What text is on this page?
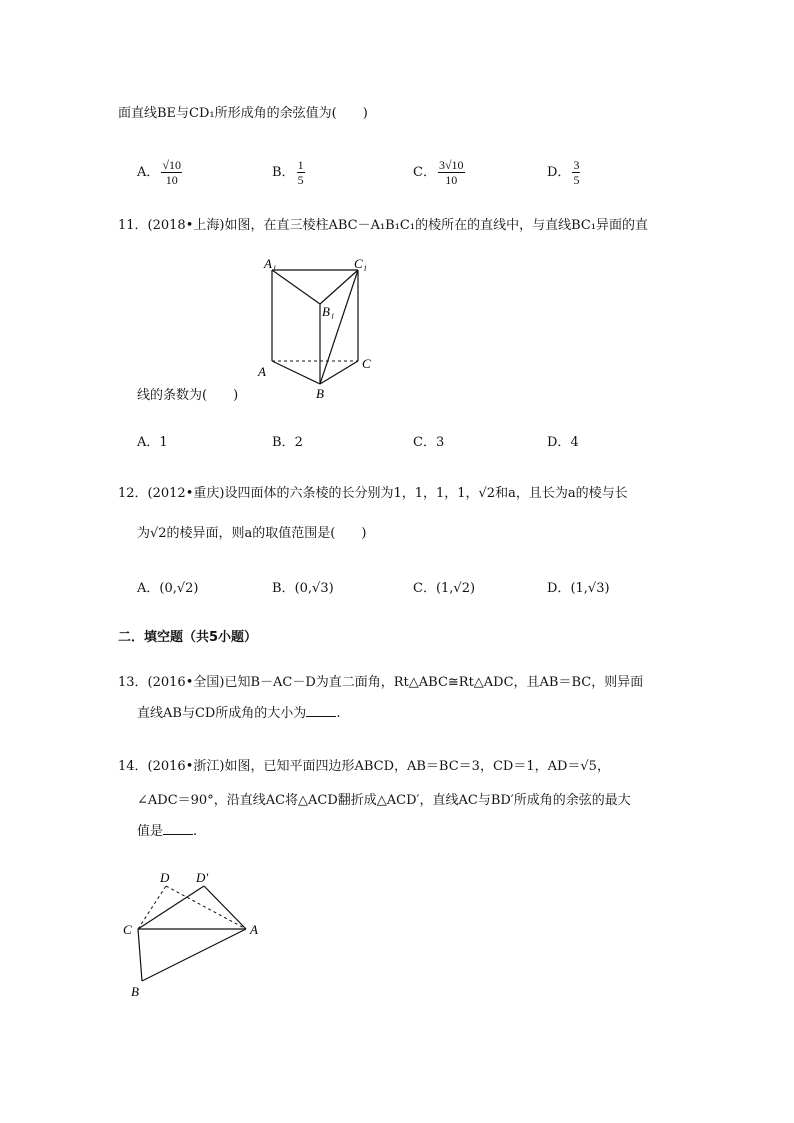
面直线BE与CD₁所形成角的余弦值为(　　)
A． $\frac{√10}{10}$	B． $\frac{1}{5}$	C． $\frac{3√10}{10}$	D． $\frac{3}{5}$
11．(2018•上海)如图，在直三棱柱ABC－A₁B₁C₁的棱所在的直线中，与直线BC₁异面的直
A₁	C₁
B₁
A
C
B
线的条数为(　　)
A．1	B．2	C．3	D．4
12．(2012•重庆)设四面体的六条棱的长分别为1，1，1，1，√2和a，且长为a的棱与长
为√2的棱异面，则a的取值范围是(　　)
A．(0,√2)	B．(0,√3)	C．(1,√2)	D．(1,√3)
二．填空题（共5小题）
13．(2016•全国)已知B－AC－D为直二面角，Rt△ABC≅Rt△ADC，且AB＝BC，则异面
直线AB与CD所成角的大小为 .
14．(2016•浙江)如图，已知平面四边形ABCD，AB＝BC＝3，CD＝1，AD＝√5，
∠ADC＝90°，沿直线AC将△ACD翻折成△ACD′，直线AC与BD′所成角的余弦的最大
值是 .
D D′
C	A
B
